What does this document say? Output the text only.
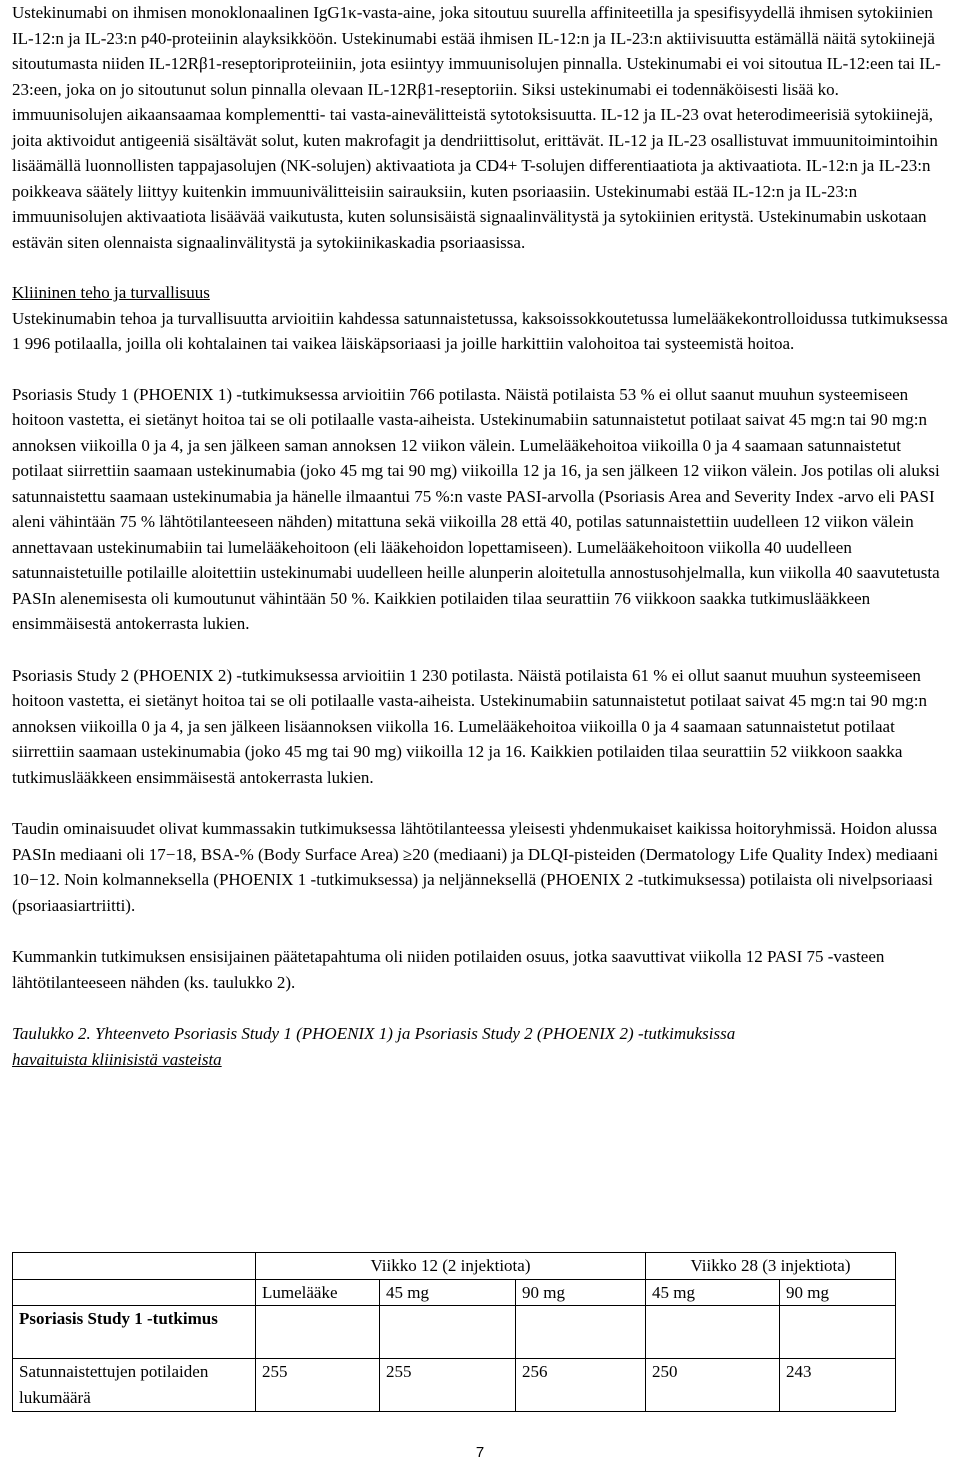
Ustekinumabi on ihmisen monoklonaalinen IgG1κ-vasta-aine, joka sitoutuu suurella affiniteetilla ja spesifisyydellä ihmisen sytokiinien IL-12:n ja IL-23:n p40-proteiinin alayksikköön. Ustekinumabi estää ihmisen IL-12:n ja IL-23:n aktiivisuutta estämällä näitä sytokiinejä sitoutumasta niiden IL-12Rβ1-reseptoriproteiiniin, jota esiintyy immuunisolujen pinnalla. Ustekinumabi ei voi sitoutua IL-12:een tai IL-23:een, joka on jo sitoutunut solun pinnalla olevaan IL-12Rβ1-reseptoriin. Siksi ustekinumabi ei todennäköisesti lisää ko. immuunisolujen aikaansaamaa komplementti- tai vasta-ainevälitteistä sytotoksisuutta. IL-12 ja IL-23 ovat heterodimeerisiä sytokiinejä, joita aktivoidut antigeeniä sisältävät solut, kuten makrofagit ja dendriittisolut, erittävät. IL-12 ja IL-23 osallistuvat immuunitoimintoihin lisäämällä luonnollisten tappajasolujen (NK-solujen) aktivaatiota ja CD4+ T-solujen differentiaatiota ja aktivaatiota. IL-12:n ja IL-23:n poikkeava säätely liittyy kuitenkin immuunivälitteisiin sairauksiin, kuten psoriaasiin. Ustekinumabi estää IL-12:n ja IL-23:n immuunisolujen aktivaatiota lisäävää vaikutusta, kuten solunsisäistä signaalinvälitystä ja sytokiinien eritystä. Ustekinumabin uskotaan estävän siten olennaista signaalinvälitystä ja sytokiinikaskadia psoriaasissa.

Kliininen teho ja turvallisuus

Ustekinumabin tehoa ja turvallisuutta arvioitiin kahdessa satunnaistetussa, kaksoissokkoutetussa lumelääkekontrolloidussa tutkimuksessa 1 996 potilaalla, joilla oli kohtalainen tai vaikea läiskäpsoriaasi ja joille harkittiin valohoitoa tai systeemistä hoitoa.

Psoriasis Study 1 (PHOENIX 1) -tutkimuksessa arvioitiin 766 potilasta. Näistä potilaista 53 % ei ollut saanut muuhun systeemiseen hoitoon vastetta, ei sietänyt hoitoa tai se oli potilaalle vasta-aiheista. Ustekinumabiin satunnaistetut potilaat saivat 45 mg:n tai 90 mg:n annoksen viikoilla 0 ja 4, ja sen jälkeen saman annoksen 12 viikon välein. Lumelääkehoitoa viikoilla 0 ja 4 saamaan satunnaistetut potilaat siirrettiin saamaan ustekinumabia (joko 45 mg tai 90 mg) viikoilla 12 ja 16, ja sen jälkeen 12 viikon välein. Jos potilas oli aluksi satunnaistettu saamaan ustekinumabia ja hänelle ilmaantui 75 %:n vaste PASI-arvolla (Psoriasis Area and Severity Index -arvo eli PASI aleni vähintään 75 % lähtötilanteeseen nähden) mitattuna sekä viikoilla 28 että 40, potilas satunnaistettiin uudelleen 12 viikon välein annettavaan ustekinumabiin tai lumelääkehoitoon (eli lääkehoidon lopettamiseen). Lumelääkehoitoon viikolla 40 uudelleen satunnaistetuille potilaille aloitettiin ustekinumabi uudelleen heille alunperin aloitetulla annostusohjelmalla, kun viikolla 40 saavutetusta PASIn alenemisesta oli kumoutunut vähintään 50 %. Kaikkien potilaiden tilaa seurattiin 76 viikkoon saakka tutkimuslääkkeen ensimmäisestä antokerrasta lukien.

Psoriasis Study 2 (PHOENIX 2) -tutkimuksessa arvioitiin 1 230 potilasta. Näistä potilaista 61 % ei ollut saanut muuhun systeemiseen hoitoon vastetta, ei sietänyt hoitoa tai se oli potilaalle vasta-aiheista. Ustekinumabiin satunnaistetut potilaat saivat 45 mg:n tai 90 mg:n annoksen viikoilla 0 ja 4, ja sen jälkeen lisäannoksen viikolla 16. Lumelääkehoitoa viikoilla 0 ja 4 saamaan satunnaistetut potilaat siirrettiin saamaan ustekinumabia (joko 45 mg tai 90 mg) viikoilla 12 ja 16. Kaikkien potilaiden tilaa seurattiin 52 viikkoon saakka tutkimuslääkkeen ensimmäisestä antokerrasta lukien.

Taudin ominaisuudet olivat kummassakin tutkimuksessa lähtötilanteessa yleisesti yhdenmukaiset kaikissa hoitoryhmissä. Hoidon alussa PASIn mediaani oli 17−18, BSA-% (Body Surface Area) ≥20 (mediaani) ja DLQI-pisteiden (Dermatology Life Quality Index) mediaani 10−12. Noin kolmanneksella (PHOENIX 1 -tutkimuksessa) ja neljänneksellä (PHOENIX 2 -tutkimuksessa) potilaista oli nivelpsoriaasi (psoriaasiartriitti).

Kummankin tutkimuksen ensisijainen päätetapahtuma oli niiden potilaiden osuus, jotka saavuttivat viikolla 12 PASI 75 -vasteen lähtötilanteeseen nähden (ks. taulukko 2).

Taulukko 2. Yhteenveto Psoriasis Study 1 (PHOENIX 1) ja Psoriasis Study 2 (PHOENIX 2) -tutkimuksissa
havaituista kliinisistä vasteista

	Viikko 12 (2 injektiota)			Viikko 28 (3 injektiota)	
	Lumelääke	45 mg	90 mg	45 mg	90 mg
Psoriasis Study 1 -tutkimus					
Satunnaistettujen potilaiden lukumäärä	255	255	256	250	243
7
